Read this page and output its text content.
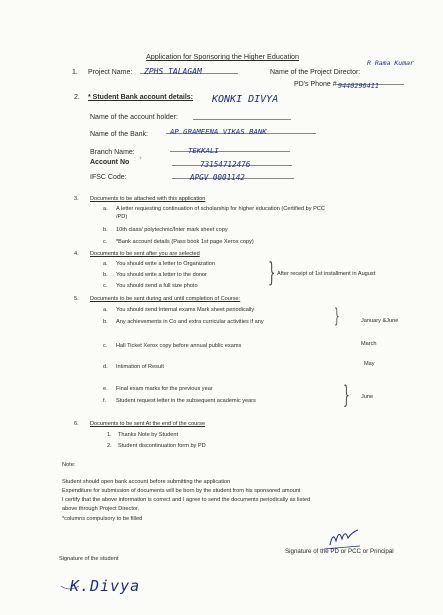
Application for Sponsoring the Higher Education
1. Project Name:	ZPHS TALAGAM	Name of the Project Director:
R Rama Kumar
PD's Phone # 9440296411
2. * Student Bank account details: KONKI DIVYA
Name of the account holder:
Name of the Bank:	AP GRAMEENA VIKAS BANK
Branch Name:	TEKKALI
Account No : *	73154712476
IFSC Code:	APGV 0001142
3. Documents to be attached with this application
a. A letter requesting continuation of scholarship for higher education (Certified by PCC
/PD)
b. 10th class/ polytechnic/Inter mark sheet copy
c. *Bank account details (Pass book 1st page Xerox copy)
4. Documents to be sent after you are selected
a. You should write a letter to Organization
b. You should write a letter to the donor
c. You should send a full size photo	} After receipt of 1st installment in August
5. Documents to be sent during and until completion of Course:
a. You should send Internal exams Mark sheet periodically
b. Any achievements in Co and extra curricular activities if any	}	January &June
c. Hall Ticket Xerox copy before annual public exams	March
d. Intimation of Result	May
e. Final exam marks for the previous year
f. Student request letter in the subsequent academic years	} June
6. Documents to be sent At the end of the course
1. Thanks Note by Student
2. Student discontinuation form by PD
Note:
Student should open bank account before submitting the application
Expenditure for submission of documents will be born by the student from his sponsored amount
I certify that the above information is correct and I agree to send the documents periodically as listed
above through Project Director.
*columns compulsory to be filled
Signature of the student
K.Divya
Signature of the PD or PCC or Principal
